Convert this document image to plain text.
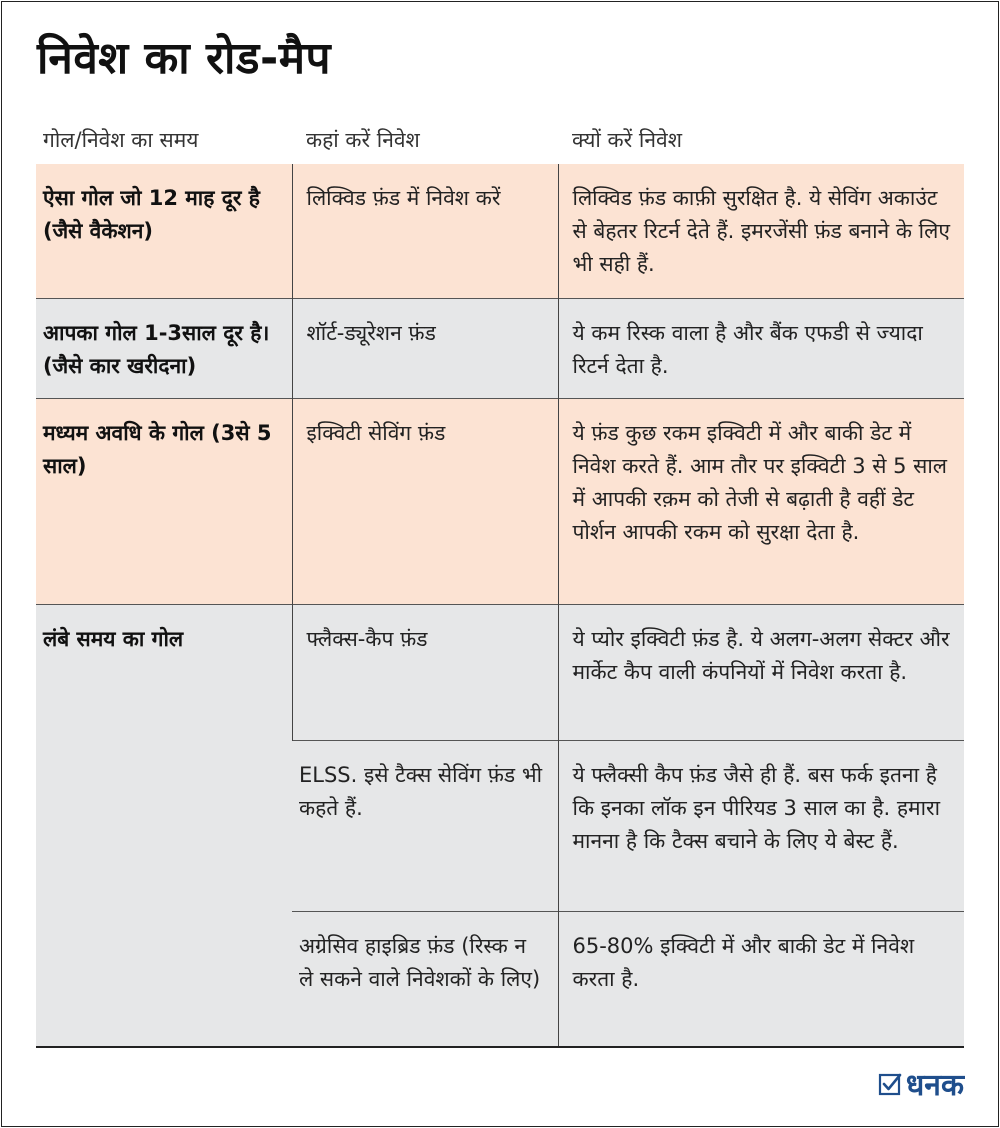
निवेश का रोड-मैप
गोल/निवेश का समय	कहां करें निवेश	क्यों करें निवेश
ऐसा गोल जो 12 माह दूर है (जैसे वैकेशन)	लिक्विड फ़ंड में निवेश करें	लिक्विड फ़ंड काफ़ी सुरक्षित है. ये सेविंग अकाउंट से बेहतर रिटर्न देते हैं. इमरजेंसी फ़ंड बनाने के लिए भी सही हैं.
आपका गोल 1-3साल दूर है। (जैसे कार खरीदना)	शॉर्ट-ड्यूरेशन फ़ंड	ये कम रिस्क वाला है और बैंक एफडी से ज्यादा रिटर्न देता है.
मध्यम अवधि के गोल (3से 5 साल)	इक्विटी सेविंग फ़ंड	ये फ़ंड कुछ रकम इक्विटी में और बाकी डेट में निवेश करते हैं. आम तौर पर इक्विटी 3 से 5 साल में आपकी रक़म को तेजी से बढ़ाती है वहीं डेट पोर्शन आपकी रकम को सुरक्षा देता है.
लंबे समय का गोल	फ्लैक्स-कैप फ़ंड	ये प्योर इक्विटी फ़ंड है. ये अलग-अलग सेक्टर और मार्केट कैप वाली कंपनियों में निवेश करता है.
	ELSS. इसे टैक्स सेविंग फ़ंड भी कहते हैं.	ये फ्लैक्सी कैप फ़ंड जैसे ही हैं. बस फर्क इतना है कि इनका लॉक इन पीरियड 3 साल का है. हमारा मानना है कि टैक्स बचाने के लिए ये बेस्ट हैं.
	अग्रेसिव हाइब्रिड फ़ंड (रिस्क न ले सकने वाले निवेशकों के लिए)	65-80% इक्विटी में और बाकी डेट में निवेश करता है.
धनक
